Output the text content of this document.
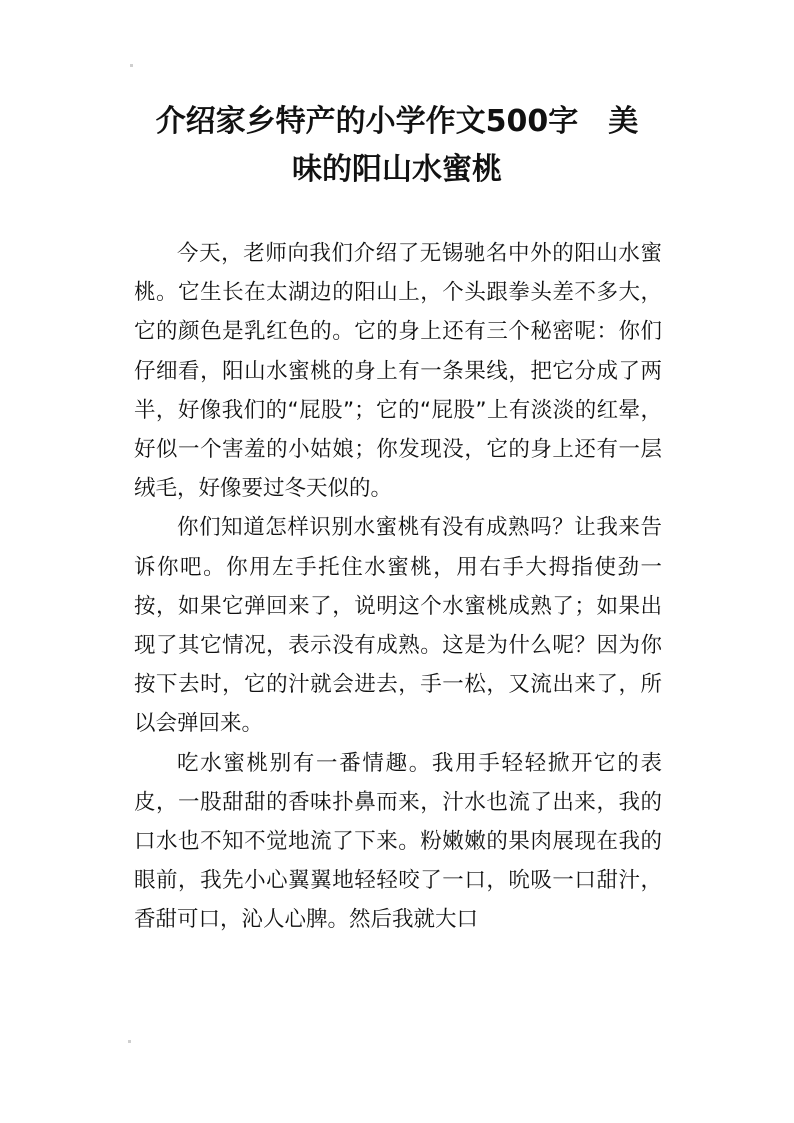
介绍家乡特产的小学作文500字　美
味的阳山水蜜桃

今天，老师向我们介绍了无锡驰名中外的阳山水蜜桃。它生长在太湖边的阳山上，个头跟拳头差不多大，它的颜色是乳红色的。它的身上还有三个秘密呢：你们仔细看，阳山水蜜桃的身上有一条果线，把它分成了两半，好像我们的“屁股”；它的“屁股”上有淡淡的红晕，好似一个害羞的小姑娘；你发现没，它的身上还有一层绒毛，好像要过冬天似的。

你们知道怎样识别水蜜桃有没有成熟吗？让我来告诉你吧。你用左手托住水蜜桃，用右手大拇指使劲一按，如果它弹回来了，说明这个水蜜桃成熟了；如果出现了其它情况，表示没有成熟。这是为什么呢？因为你按下去时，它的汁就会进去，手一松，又流出来了，所以会弹回来。

吃水蜜桃别有一番情趣。我用手轻轻掀开它的表皮，一股甜甜的香味扑鼻而来，汁水也流了出来，我的口水也不知不觉地流了下来。粉嫩嫩的果肉展现在我的眼前，我先小心翼翼地轻轻咬了一口，吮吸一口甜汁，香甜可口，沁人心脾。然后我就大口
